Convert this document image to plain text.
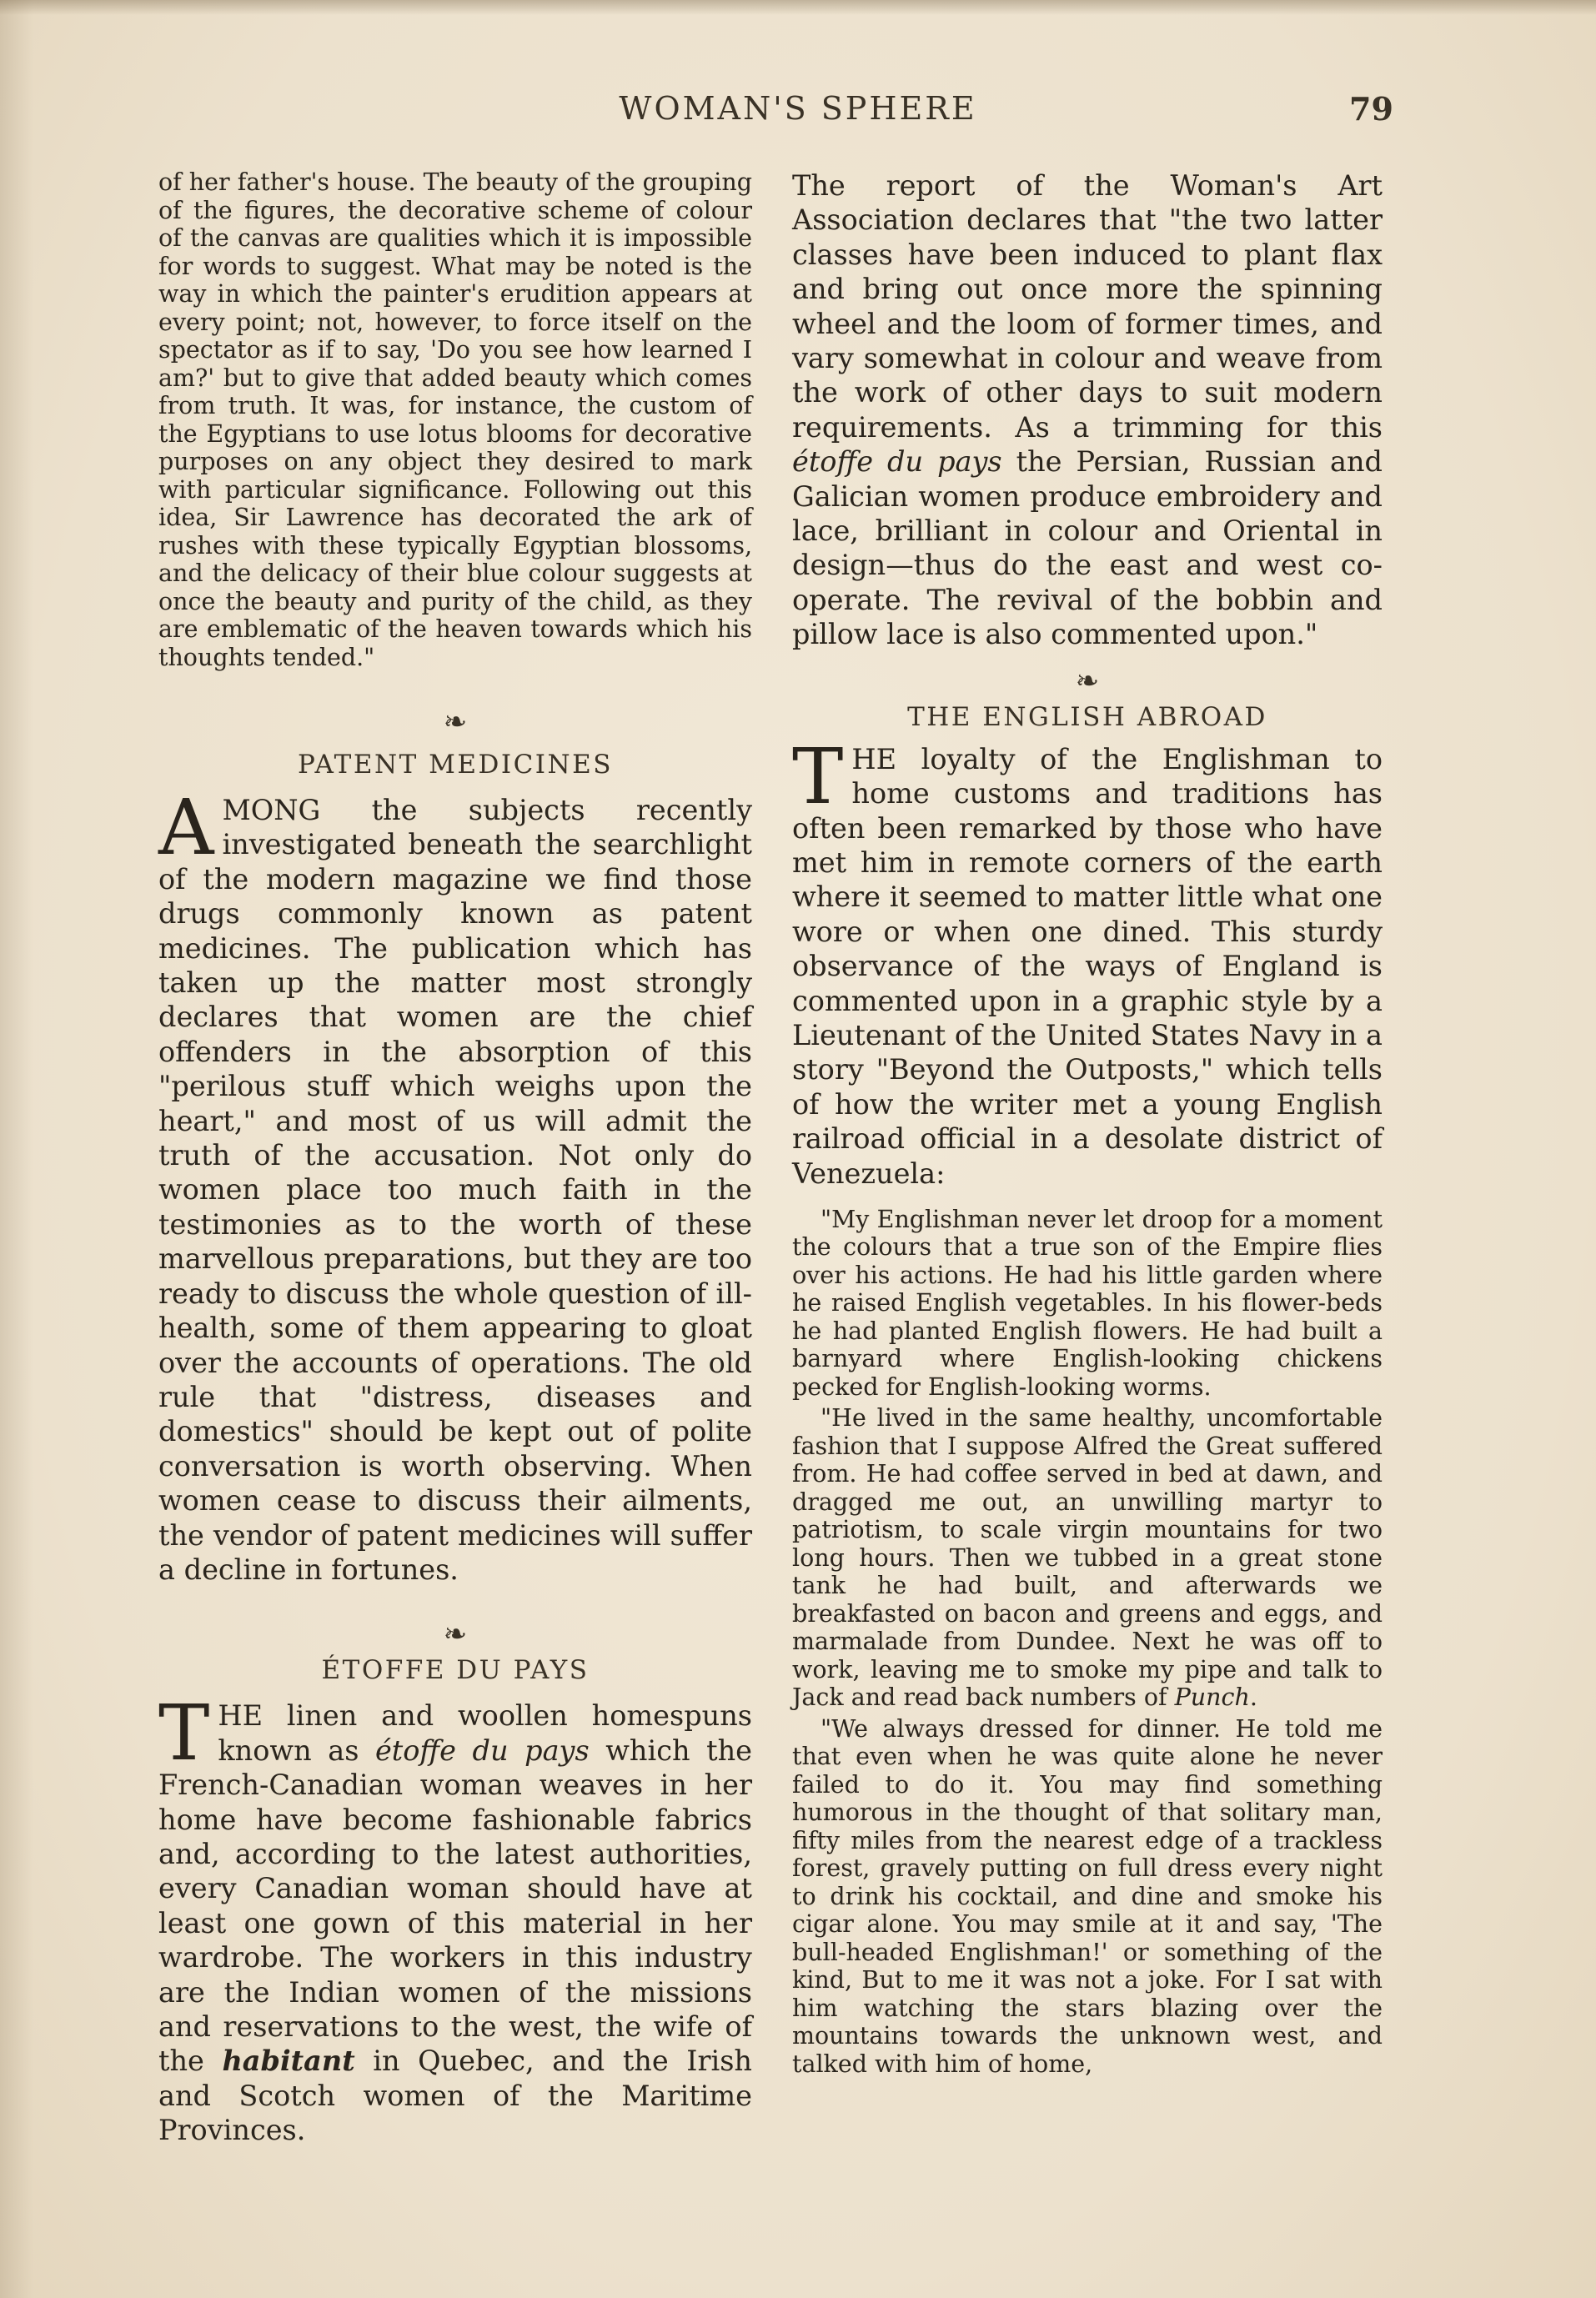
WOMAN'S SPHERE	79

of her father's house. The beauty of the grouping of the figures, the decorative scheme of colour of the canvas are qualities which it is impossible for words to suggest. What may be noted is the way in which the painter's erudition appears at every point; not, however, to force itself on the spectator as if to say, 'Do you see how learned I am?' but to give that added beauty which comes from truth. It was, for instance, the custom of the Egyptians to use lotus blooms for decorative purposes on any object they desired to mark with particular significance. Following out this idea, Sir Lawrence has decorated the ark of rushes with these typically Egyptian blossoms, and the delicacy of their blue colour suggests at once the beauty and purity of the child, as they are emblematic of the heaven towards which his thoughts tended."

❧
PATENT MEDICINES

AMONG the subjects recently investigated beneath the searchlight of the modern magazine we find those drugs commonly known as patent medicines. The publication which has taken up the matter most strongly declares that women are the chief offenders in the absorption of this "perilous stuff which weighs upon the heart," and most of us will admit the truth of the accusation. Not only do women place too much faith in the testimonies as to the worth of these marvellous preparations, but they are too ready to discuss the whole question of ill-health, some of them appearing to gloat over the accounts of operations. The old rule that "distress, diseases and domestics" should be kept out of polite conversation is worth observing. When women cease to discuss their ailments, the vendor of patent medicines will suffer a decline in fortunes.

❧
ÉTOFFE DU PAYS

THE linen and woollen homespuns known as étoffe du pays which the French-Canadian woman weaves in her home have become fashionable fabrics and, according to the latest authorities, every Canadian woman should have at least one gown of this material in her wardrobe. The workers in this industry are the Indian women of the missions and reservations to the west, the wife of the habitant in Quebec, and the Irish and Scotch women of the Maritime Provinces.

The report of the Woman's Art Association declares that "the two latter classes have been induced to plant flax and bring out once more the spinning wheel and the loom of former times, and vary somewhat in colour and weave from the work of other days to suit modern requirements. As a trimming for this étoffe du pays the Persian, Russian and Galician women produce embroidery and lace, brilliant in colour and Oriental in design—thus do the east and west co-operate. The revival of the bobbin and pillow lace is also commented upon."

❧
THE ENGLISH ABROAD

THE loyalty of the Englishman to home customs and traditions has often been remarked by those who have met him in remote corners of the earth where it seemed to matter little what one wore or when one dined. This sturdy observance of the ways of England is commented upon in a graphic style by a Lieutenant of the United States Navy in a story "Beyond the Outposts," which tells of how the writer met a young English railroad official in a desolate district of Venezuela:

"My Englishman never let droop for a moment the colours that a true son of the Empire flies over his actions. He had his little garden where he raised English vegetables. In his flower-beds he had planted English flowers. He had built a barnyard where English-looking chickens pecked for English-looking worms.

"He lived in the same healthy, uncomfortable fashion that I suppose Alfred the Great suffered from. He had coffee served in bed at dawn, and dragged me out, an unwilling martyr to patriotism, to scale virgin mountains for two long hours. Then we tubbed in a great stone tank he had built, and afterwards we breakfasted on bacon and greens and eggs, and marmalade from Dundee. Next he was off to work, leaving me to smoke my pipe and talk to Jack and read back numbers of Punch.

"We always dressed for dinner. He told me that even when he was quite alone he never failed to do it. You may find something humorous in the thought of that solitary man, fifty miles from the nearest edge of a trackless forest, gravely putting on full dress every night to drink his cocktail, and dine and smoke his cigar alone. You may smile at it and say, 'The bull-headed Englishman!' or something of the kind, But to me it was not a joke. For I sat with him watching the stars blazing over the mountains towards the unknown west, and talked with him of home,
